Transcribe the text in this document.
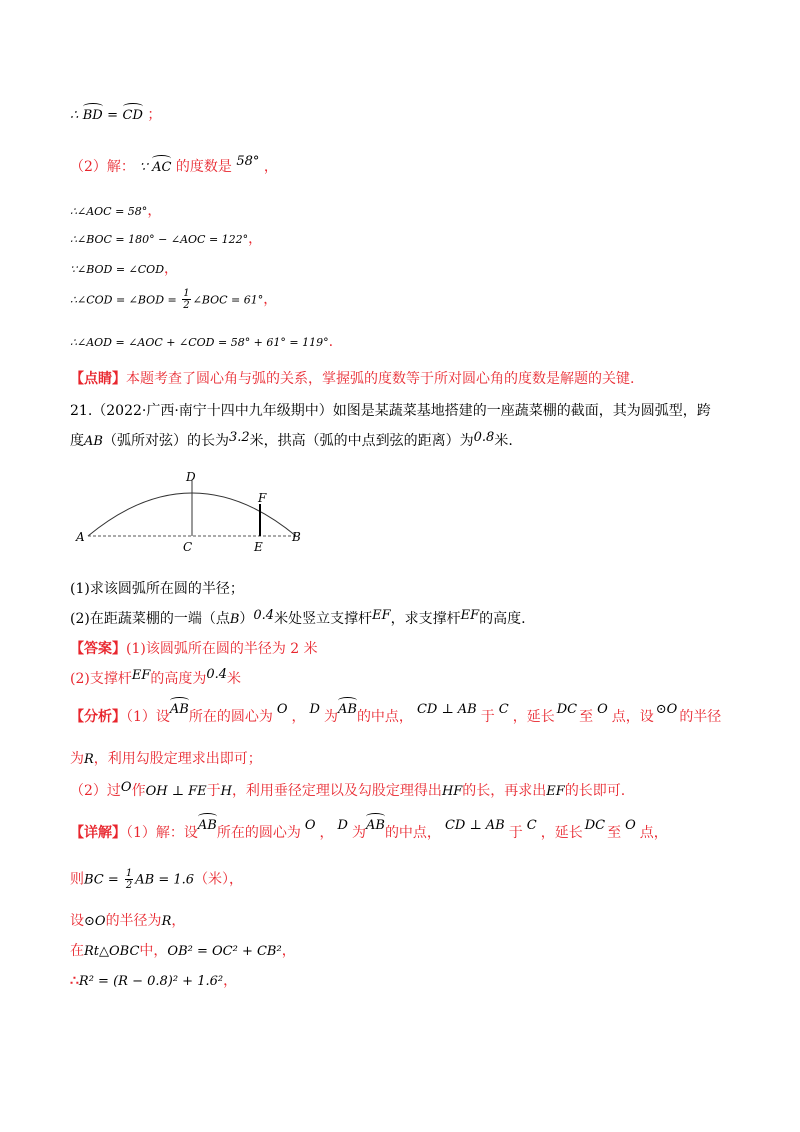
∴ BD = CD ；
（2）解： ∵ AC 的度数是 58° ，
∴∠AOC = 58°，
∴∠BOC = 180° − ∠AOC = 122°，
∵∠BOD = ∠COD，
∴∠COD = ∠BOD = $\frac{1}{2}$ ∠BOC = 61°，
∴∠AOD = ∠AOC + ∠COD = 58° + 61° = 119°.
【点睛】本题考查了圆心角与弧的关系，掌握弧的度数等于所对圆心角的度数是解题的关键.
21.（2022·广西·南宁十四中九年级期中）如图是某蔬菜基地搭建的一座蔬菜棚的截面，其为圆弧型，跨
度AB（弧所对弦）的长为3.2米，拱高（弧的中点到弦的距离）为0.8米.
A	B
C
D
E
F
(1)求该圆弧所在圆的半径；
(2)在距蔬菜棚的一端（点B）0.4米处竖立支撑杆EF，求支撑杆EF的高度.
【答案】(1)该圆弧所在圆的半径为 2 米
(2)支撑杆EF的高度为0.4米
【分析】（1）设AB所在的圆心为 O ， D 为AB的中点， CD ⊥ AB 于 C ，延长 DC 至 O 点，设 ⊙O 的半径
为R，利用勾股定理求出即可；
（2）过O作OH ⊥ FE于H，利用垂径定理以及勾股定理得出HF的长，再求出EF的长即可.
【详解】（1）解：设AB所在的圆心为 O ， D 为AB的中点， CD ⊥ AB 于 C ，延长 DC 至 O 点，
则BC = $\frac{1}{2}$ AB = 1.6（米），
设⊙O的半径为R，
在Rt△OBC中，OB² = OC² + CB²，
∴R² = (R − 0.8)² + 1.6²，
